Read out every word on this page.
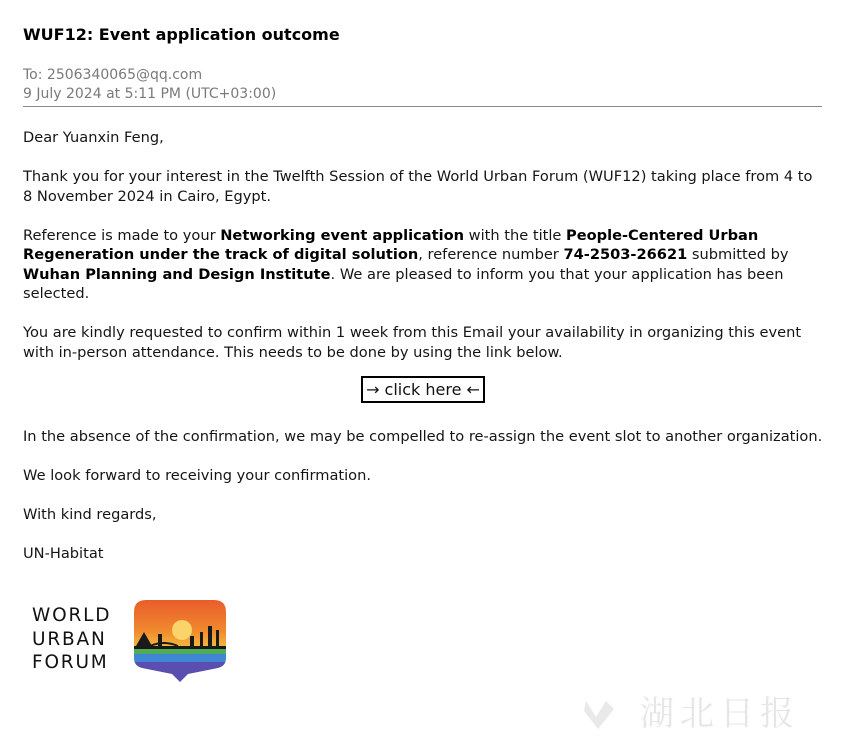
WUF12: Event application outcome
To: 2506340065@qq.com
9 July 2024 at 5:11 PM (UTC+03:00)

Dear Yuanxin Feng,

Thank you for your interest in the Twelfth Session of the World Urban Forum (WUF12) taking place from 4 to 8 November 2024 in Cairo, Egypt.

Reference is made to your Networking event application with the title People-Centered Urban Regeneration under the track of digital solution, reference number 74-2503-26621 submitted by Wuhan Planning and Design Institute. We are pleased to inform you that your application has been selected.

You are kindly requested to confirm within 1 week from this Email your availability in organizing this event with in-person attendance. This needs to be done by using the link below.

→ click here ←

In the absence of the confirmation, we may be compelled to re-assign the event slot to another organization.

We look forward to receiving your confirmation.

With kind regards,

UN-Habitat

WORLD
URBAN
FORUM
湖北日报
